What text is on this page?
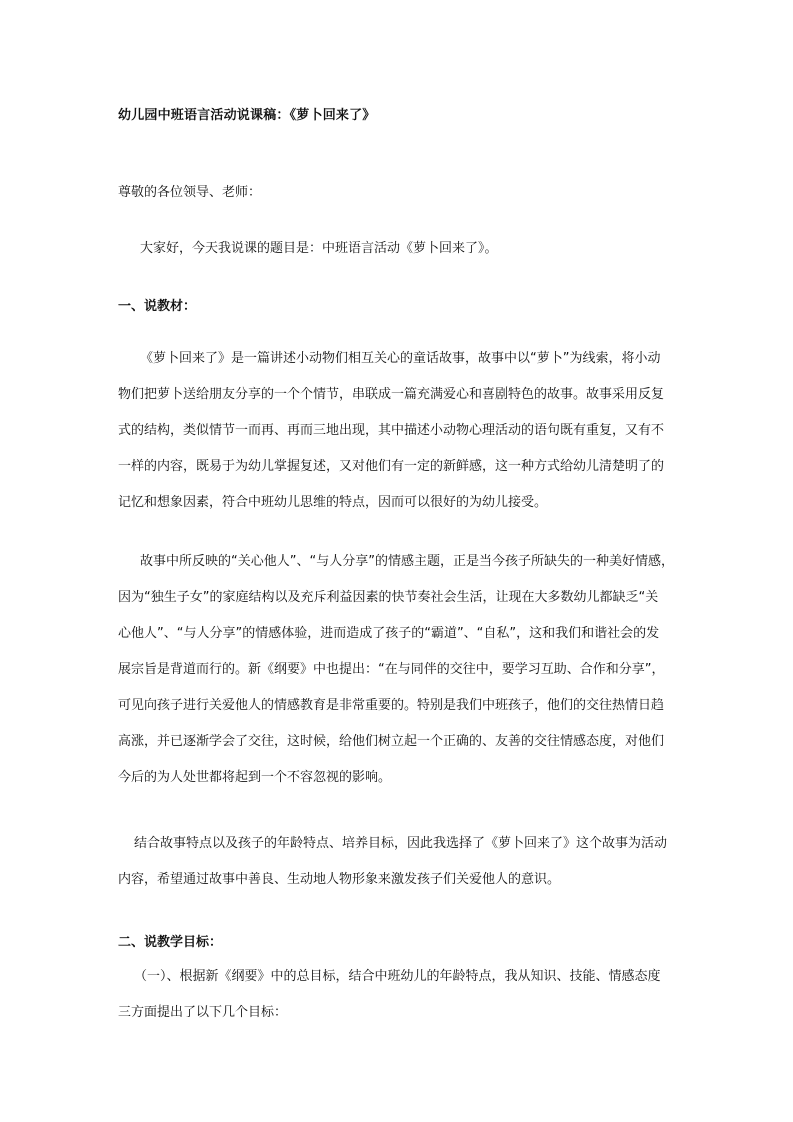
幼儿园中班语言活动说课稿：《萝卜回来了》
尊敬的各位领导、老师：
大家好，今天我说课的题目是：中班语言活动《萝卜回来了》。
一、说教材：
《萝卜回来了》是一篇讲述小动物们相互关心的童话故事，故事中以“萝卜”为线索，将小动
物们把萝卜送给朋友分享的一个个情节，串联成一篇充满爱心和喜剧特色的故事。故事采用反复
式的结构，类似情节一而再、再而三地出现，其中描述小动物心理活动的语句既有重复，又有不
一样的内容，既易于为幼儿掌握复述，又对他们有一定的新鲜感，这一种方式给幼儿清楚明了的
记忆和想象因素，符合中班幼儿思维的特点，因而可以很好的为幼儿接受。
故事中所反映的“关心他人”、“与人分享”的情感主题，正是当今孩子所缺失的一种美好情感，
因为“独生子女”的家庭结构以及充斥利益因素的快节奏社会生活，让现在大多数幼儿都缺乏“关
心他人”、“与人分享”的情感体验，进而造成了孩子的“霸道”、“自私”，这和我们和谐社会的发
展宗旨是背道而行的。新《纲要》中也提出：“在与同伴的交往中，要学习互助、合作和分享”，
可见向孩子进行关爱他人的情感教育是非常重要的。特别是我们中班孩子，他们的交往热情日趋
高涨，并已逐渐学会了交往，这时候，给他们树立起一个正确的、友善的交往情感态度，对他们
今后的为人处世都将起到一个不容忽视的影响。
结合故事特点以及孩子的年龄特点、培养目标，因此我选择了《萝卜回来了》这个故事为活动
内容，希望通过故事中善良、生动地人物形象来激发孩子们关爱他人的意识。
二、说教学目标：
（一）、根据新《纲要》中的总目标，结合中班幼儿的年龄特点，我从知识、技能、情感态度
三方面提出了以下几个目标：
